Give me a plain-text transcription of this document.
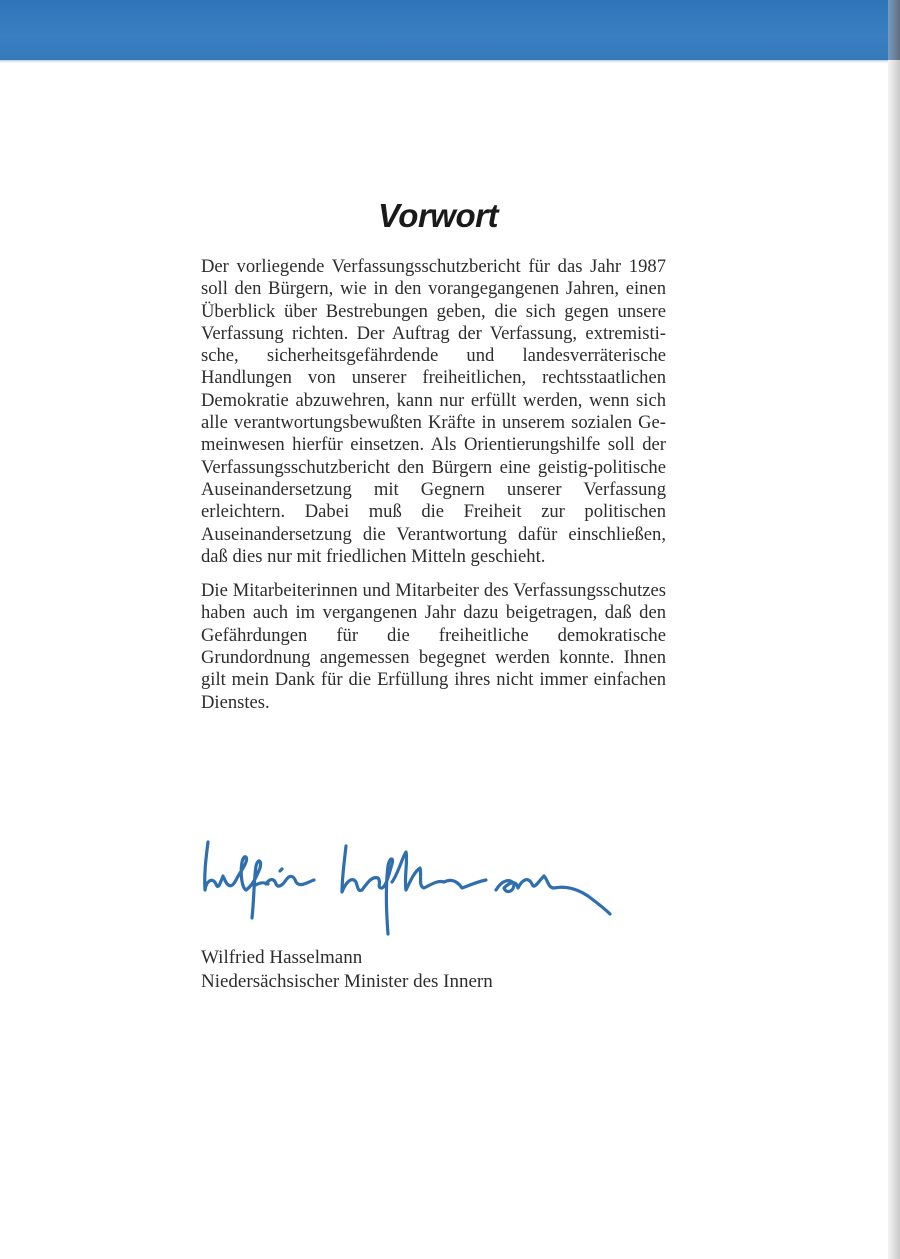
Vorwort

Der vorliegende Verfassungsschutzbericht für das Jahr 1987 soll den Bürgern, wie in den vorangegangenen Jahren, einen Überblick über Bestrebungen geben, die sich gegen unsere Verfassung richten. Der Auftrag der Verfassung, extremistische, sicherheitsgefährdende und landesverräterische Handlungen von unserer freiheitlichen, rechtsstaatlichen Demokratie abzuwehren, kann nur erfüllt werden, wenn sich alle verantwortungsbewußten Kräfte in unserem sozialen Gemeinwesen hierfür einsetzen. Als Orientierungshilfe soll der Verfassungsschutzbericht den Bürgern eine geistig-politische Auseinandersetzung mit Gegnern unserer Verfassung erleichtern. Dabei muß die Freiheit zur politischen Auseinandersetzung die Verantwortung dafür einschließen, daß dies nur mit friedlichen Mitteln geschieht.

Die Mitarbeiterinnen und Mitarbeiter des Verfassungsschutzes haben auch im vergangenen Jahr dazu beigetragen, daß den Gefährdungen für die freiheitliche demokratische Grundordnung angemessen begegnet werden konnte. Ihnen gilt mein Dank für die Erfüllung ihres nicht immer einfachen Dienstes.

Wilfried Hasselmann
Niedersächsischer Minister des Innern
